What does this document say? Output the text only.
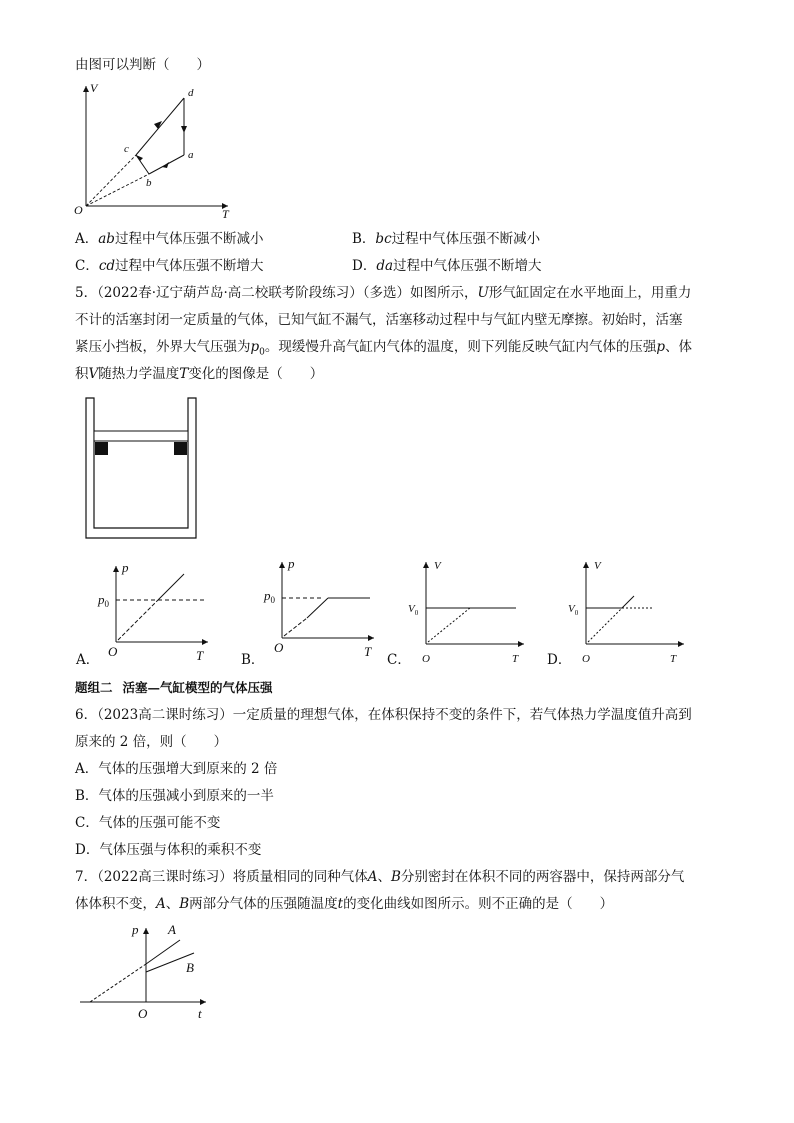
由图可以判断（　　）
V
T
O
d
a
c
b
A．ab过程中气体压强不断减小	B．bc过程中气体压强不断减小
C．cd过程中气体压强不断增大	D．da过程中气体压强不断增大
5．（2022春·辽宁葫芦岛·高二校联考阶段练习）（多选）如图所示，U形气缸固定在水平地面上，用重力
不计的活塞封闭一定质量的气体，已知气缸不漏气，活塞移动过程中与气缸内壁无摩擦。初始时，活塞
紧压小挡板，外界大气压强为$p_0$。现缓慢升高气缸内气体的温度，则下列能反映气缸内气体的压强p、体
积V随热力学温度T变化的图像是（　　）
A．
p
T
O
$p_0$
B．
p
T
O
$p_0$
C．
V
T
O
$V_0$
D．
V
T
O
$V_0$
题组二 活塞—气缸模型的气体压强
6．（2023高二课时练习）一定质量的理想气体，在体积保持不变的条件下，若气体热力学温度值升高到
原来的 2 倍，则（　　）
A．气体的压强增大到原来的 2 倍
B．气体的压强减小到原来的一半
C．气体的压强可能不变
D．气体压强与体积的乘积不变
7．（2022高三课时练习）将质量相同的同种气体A、B分别密封在体积不同的两容器中，保持两部分气
体体积不变，A、B两部分气体的压强随温度t的变化曲线如图所示。则不正确的是（　　）
p
t
O
A
B
